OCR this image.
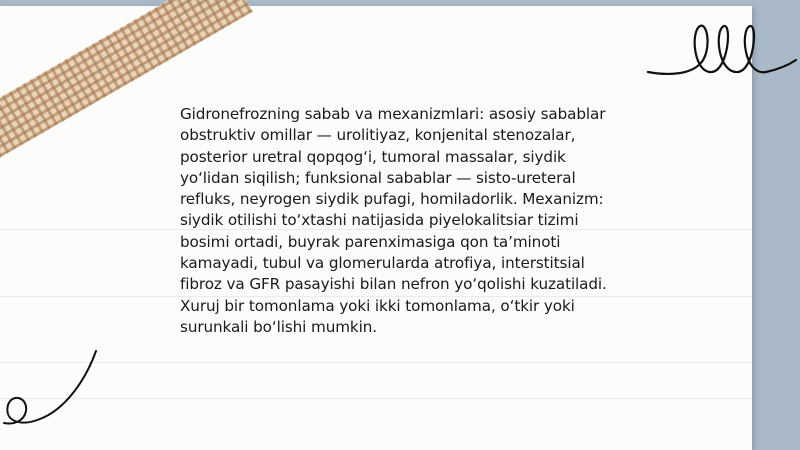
Gidronefrozning sabab va mexanizmlari: asosiy sabablar obstruktiv omillar — urolitiyaz, konjenital stenozalar, posterior uretral qopqog‘i, tumoral massalar, siydik yo‘lidan siqilish; funksional sabablar — sisto-ureteral refluks, neyrogen siydik pufagi, homiladorlik. Mexanizm: siydik otilishi to‘xtashi natijasida piyelokalitsiar tizimi bosimi ortadi, buyrak parenximasiga qon ta’minoti kamayadi, tubul va glomerularda atrofiya, interstitsial fibroz va GFR pasayishi bilan nefron yo‘qolishi kuzatiladi. Xuruj bir tomonlama yoki ikki tomonlama, o‘tkir yoki surunkali bo‘lishi mumkin.
